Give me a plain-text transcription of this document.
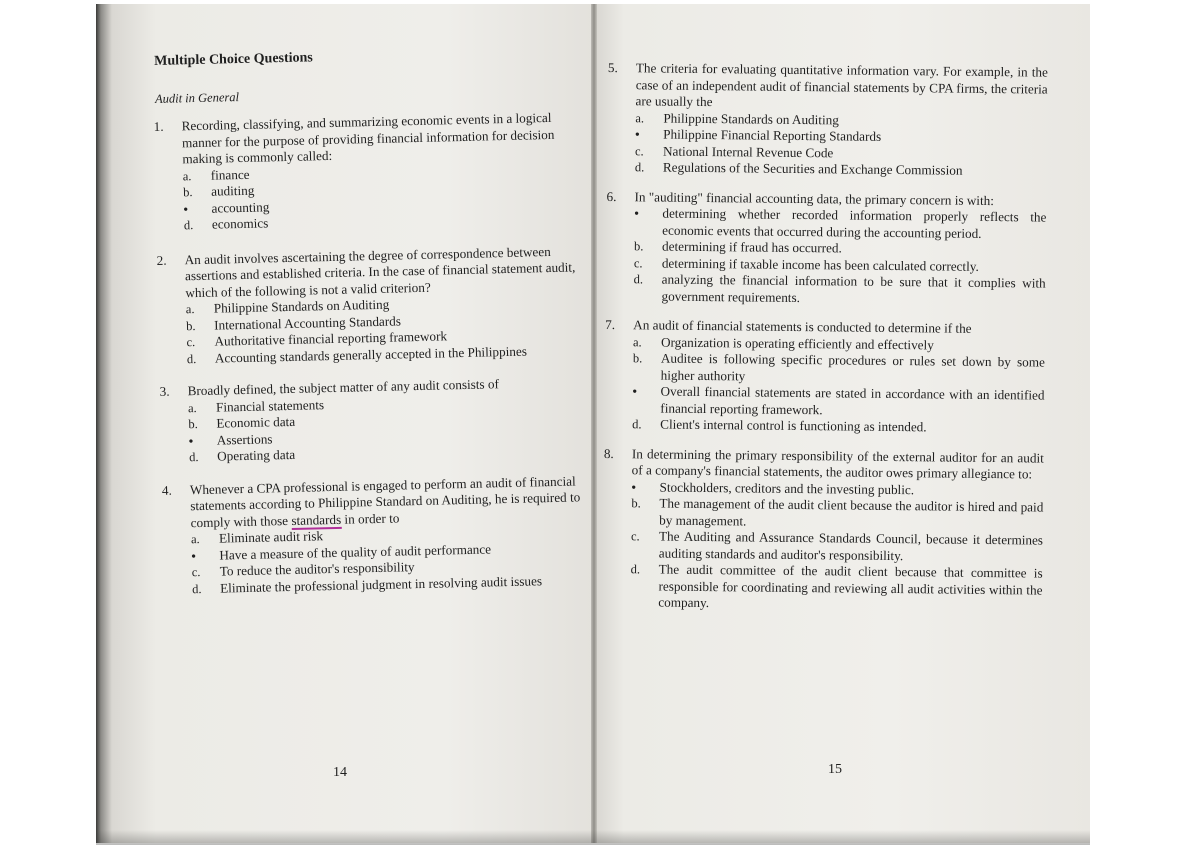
Multiple Choice Questions
Audit in General
1.	Recording, classifying, and summarizing economic events in a logical manner for the purpose of providing financial information for decision making is commonly called:
a.	finance
b.	auditing
•	accounting
d.	economics
2.	An audit involves ascertaining the degree of correspondence between assertions and established criteria. In the case of financial statement audit, which of the following is not a valid criterion?
a.	Philippine Standards on Auditing
b.	International Accounting Standards
c.	Authoritative financial reporting framework
d.	Accounting standards generally accepted in the Philippines
3.	Broadly defined, the subject matter of any audit consists of
a.	Financial statements
b.	Economic data
•	Assertions
d.	Operating data
4.	Whenever a CPA professional is engaged to perform an audit of financial statements according to Philippine Standard on Auditing, he is required to comply with those standards in order to
a.	Eliminate audit risk
•	Have a measure of the quality of audit performance
c.	To reduce the auditor's responsibility
d.	Eliminate the professional judgment in resolving audit issues
5.	The criteria for evaluating quantitative information vary. For example, in the case of an independent audit of financial statements by CPA firms, the criteria are usually the
a.	Philippine Standards on Auditing
•	Philippine Financial Reporting Standards
c.	National Internal Revenue Code
d.	Regulations of the Securities and Exchange Commission
6.	In "auditing" financial accounting data, the primary concern is with:
•	determining whether recorded information properly reflects the economic events that occurred during the accounting period.
b.	determining if fraud has occurred.
c.	determining if taxable income has been calculated correctly.
d.	analyzing the financial information to be sure that it complies with government requirements.
7.	An audit of financial statements is conducted to determine if the
a.	Organization is operating efficiently and effectively
b.	Auditee is following specific procedures or rules set down by some higher authority
•	Overall financial statements are stated in accordance with an identified financial reporting framework.
d.	Client's internal control is functioning as intended.
8.	In determining the primary responsibility of the external auditor for an audit of a company's financial statements, the auditor owes primary allegiance to:
•	Stockholders, creditors and the investing public.
b.	The management of the audit client because the auditor is hired and paid by management.
c.	The Auditing and Assurance Standards Council, because it determines auditing standards and auditor's responsibility.
d.	The audit committee of the audit client because that committee is responsible for coordinating and reviewing all audit activities within the company.
14	15
